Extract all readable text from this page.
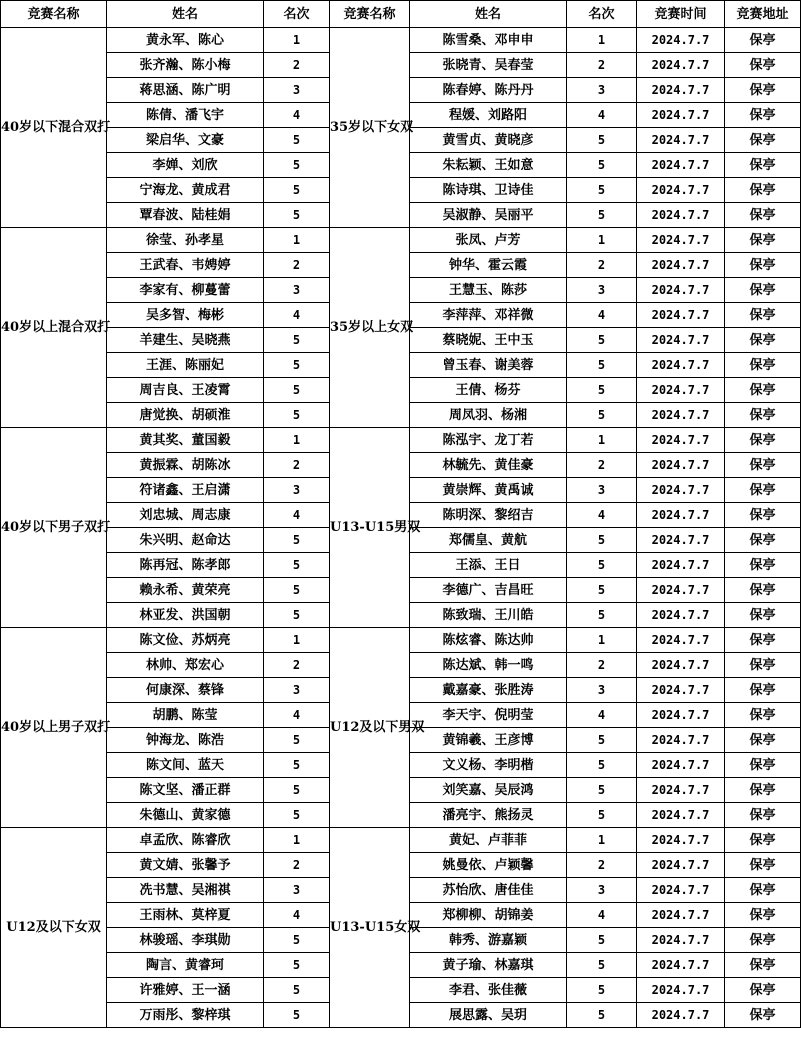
竞赛名称	姓名	名次	竞赛名称	姓名	名次	竞赛时间	竞赛地址
40岁以下混合双打	黄永军、陈心	1	35岁以下女双	陈雪桑、邓申申	1	2024.7.7	保亭
	张齐瀚、陈小梅	2		张晓青、吴春莹	2	2024.7.7	保亭
	蒋思涵、陈广明	3		陈春婷、陈丹丹	3	2024.7.7	保亭
	陈倩、潘飞宇	4		程媛、刘路阳	4	2024.7.7	保亭
	梁启华、文豪	5		黄雪贞、黄晓彦	5	2024.7.7	保亭
	李婵、刘欣	5		朱耘颖、王如意	5	2024.7.7	保亭
	宁海龙、黄成君	5		陈诗琪、卫诗佳	5	2024.7.7	保亭
	覃春波、陆桂娟	5		吴淑静、吴丽平	5	2024.7.7	保亭
40岁以上混合双打	徐莹、孙孝星	1	35岁以上女双	张凤、卢芳	1	2024.7.7	保亭
	王武春、韦娉婷	2		钟华、霍云霞	2	2024.7.7	保亭
	李家有、柳蔓蕾	3		王慧玉、陈莎	3	2024.7.7	保亭
	吴多智、梅彬	4		李萍萍、邓祥微	4	2024.7.7	保亭
	羊建生、吴晓燕	5		蔡晓妮、王中玉	5	2024.7.7	保亭
	王涯、陈丽妃	5		曾玉春、谢美蓉	5	2024.7.7	保亭
	周吉良、王凌霄	5		王倩、杨芬	5	2024.7.7	保亭
	唐觉换、胡硕淮	5		周凤羽、杨湘	5	2024.7.7	保亭
40岁以下男子双打	黄其奖、董国毅	1	U13-U15男双	陈泓宇、龙丁若	1	2024.7.7	保亭
	黄振霖、胡陈冰	2		林毓先、黄佳豪	2	2024.7.7	保亭
	符诸鑫、王启潇	3		黄崇辉、黄禹诚	3	2024.7.7	保亭
	刘忠城、周志康	4		陈明深、黎绍吉	4	2024.7.7	保亭
	朱兴明、赵命达	5		郑儒皇、黄航	5	2024.7.7	保亭
	陈再冠、陈孝郎	5		王添、王日	5	2024.7.7	保亭
	赖永希、黄荣亮	5		李德广、吉昌旺	5	2024.7.7	保亭
	林亚发、洪国朝	5		陈致瑞、王川皓	5	2024.7.7	保亭
40岁以上男子双打	陈文俭、苏炳亮	1	U12及以下男双	陈炫睿、陈达帅	1	2024.7.7	保亭
	林帅、郑宏心	2		陈达斌、韩一鸣	2	2024.7.7	保亭
	何康深、蔡锋	3		戴嘉豪、张胜涛	3	2024.7.7	保亭
	胡鹏、陈莹	4		李天宇、倪明莹	4	2024.7.7	保亭
	钟海龙、陈浩	5		黄锦羲、王彦博	5	2024.7.7	保亭
	陈文间、蓝天	5		文义杨、李明楷	5	2024.7.7	保亭
	陈文坚、潘正群	5		刘笑嘉、吴辰鸿	5	2024.7.7	保亭
	朱德山、黄家德	5		潘亮宇、熊扬灵	5	2024.7.7	保亭
U12及以下女双	卓孟欣、陈睿欣	1	U13-U15女双	黄妃、卢菲菲	1	2024.7.7	保亭
	黄文婧、张馨予	2		姚曼依、卢颖馨	2	2024.7.7	保亭
	冼书慧、吴湘祺	3		苏怡欣、唐佳佳	3	2024.7.7	保亭
	王雨林、莫梓夏	4		郑柳柳、胡锦姜	4	2024.7.7	保亭
	林骏瑶、李琪勋	5		韩秀、游嘉颖	5	2024.7.7	保亭
	陶言、黄睿珂	5		黄子瑜、林嘉琪	5	2024.7.7	保亭
	许雅婷、王一涵	5		李君、张佳薇	5	2024.7.7	保亭
	万雨彤、黎梓琪	5		展思露、吴玥	5	2024.7.7	保亭
